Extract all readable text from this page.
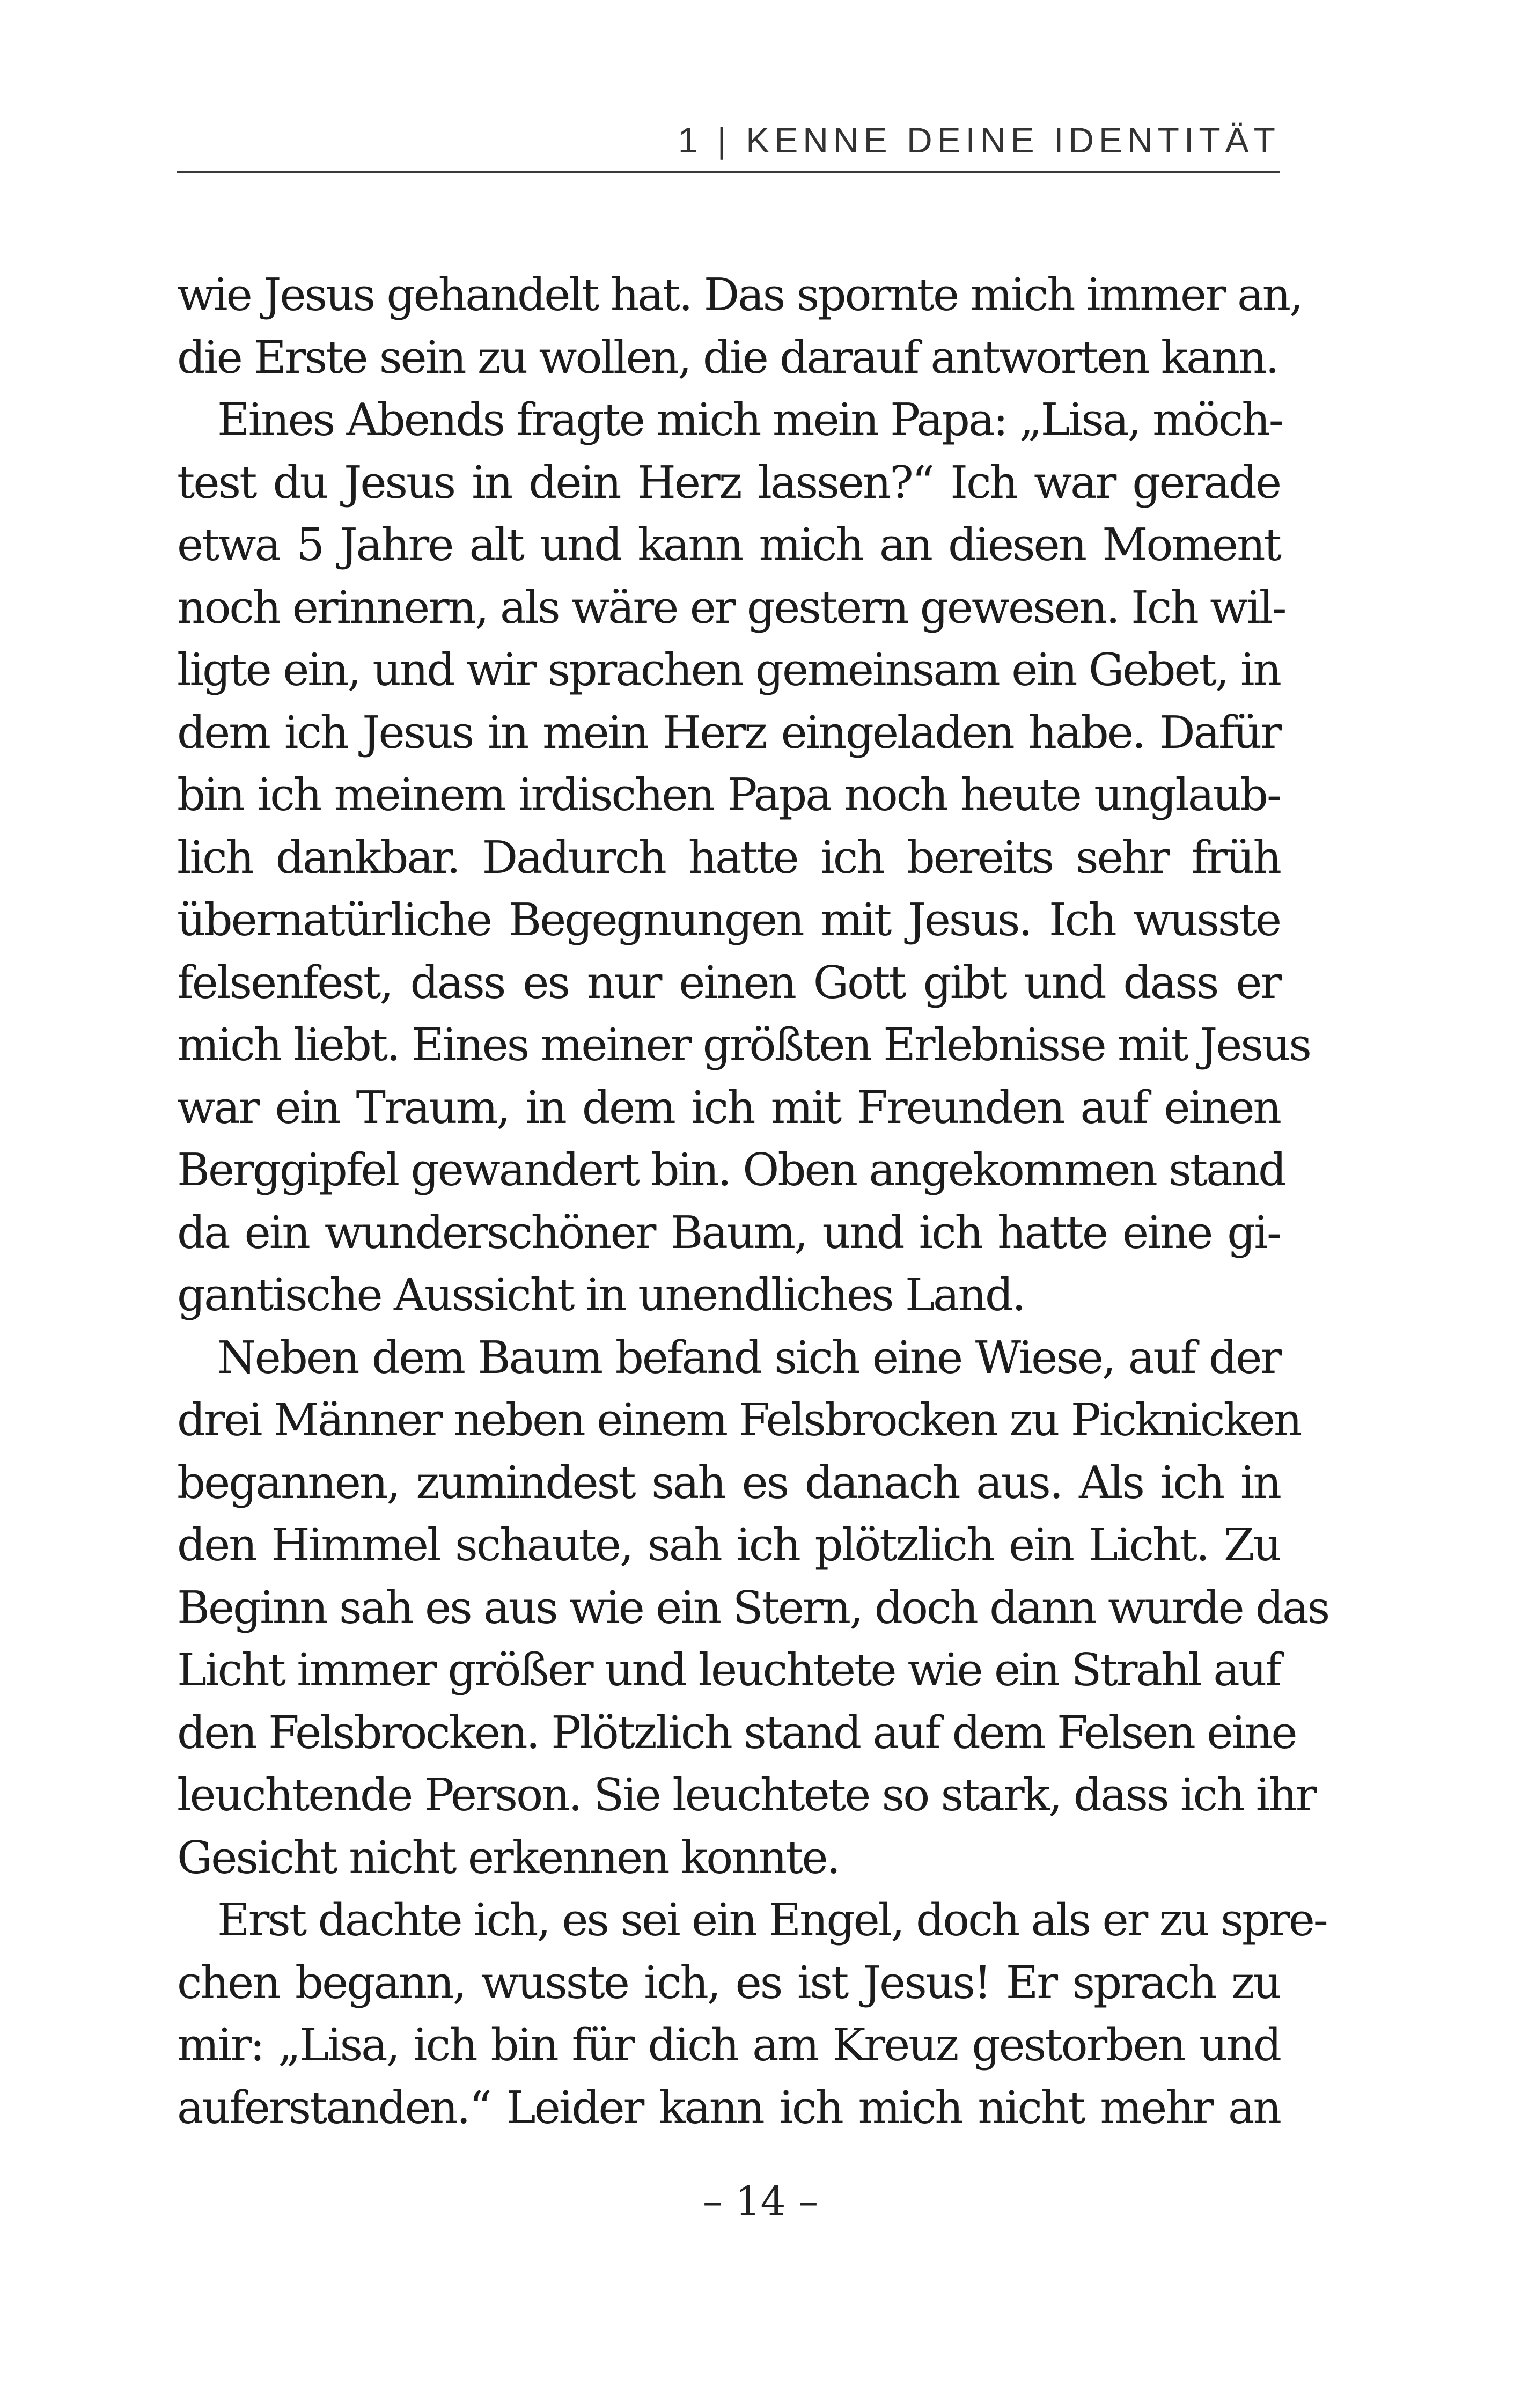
1 | KENNE DEINE IDENTITÄT
wie Jesus gehandelt hat. Das spornte mich immer an,
die Erste sein zu wollen, die darauf antworten kann.
Eines Abends fragte mich mein Papa: „Lisa, möch-
test du Jesus in dein Herz lassen?“ Ich war gerade
etwa 5 Jahre alt und kann mich an diesen Moment
noch erinnern, als wäre er gestern gewesen. Ich wil-
ligte ein, und wir sprachen gemeinsam ein Gebet, in
dem ich Jesus in mein Herz eingeladen habe. Dafür
bin ich meinem irdischen Papa noch heute unglaub-
lich dankbar. Dadurch hatte ich bereits sehr früh
übernatürliche Begegnungen mit Jesus. Ich wusste
felsenfest, dass es nur einen Gott gibt und dass er
mich liebt. Eines meiner größten Erlebnisse mit Jesus
war ein Traum, in dem ich mit Freunden auf einen
Berggipfel gewandert bin. Oben angekommen stand
da ein wunderschöner Baum, und ich hatte eine gi-
gantische Aussicht in unendliches Land.
Neben dem Baum befand sich eine Wiese, auf der
drei Männer neben einem Felsbrocken zu Picknicken
begannen, zumindest sah es danach aus. Als ich in
den Himmel schaute, sah ich plötzlich ein Licht. Zu
Beginn sah es aus wie ein Stern, doch dann wurde das
Licht immer größer und leuchtete wie ein Strahl auf
den Felsbrocken. Plötzlich stand auf dem Felsen eine
leuchtende Person. Sie leuchtete so stark, dass ich ihr
Gesicht nicht erkennen konnte.
Erst dachte ich, es sei ein Engel, doch als er zu spre-
chen begann, wusste ich, es ist Jesus! Er sprach zu
mir: „Lisa, ich bin für dich am Kreuz gestorben und
auferstanden.“ Leider kann ich mich nicht mehr an
– 14 –
